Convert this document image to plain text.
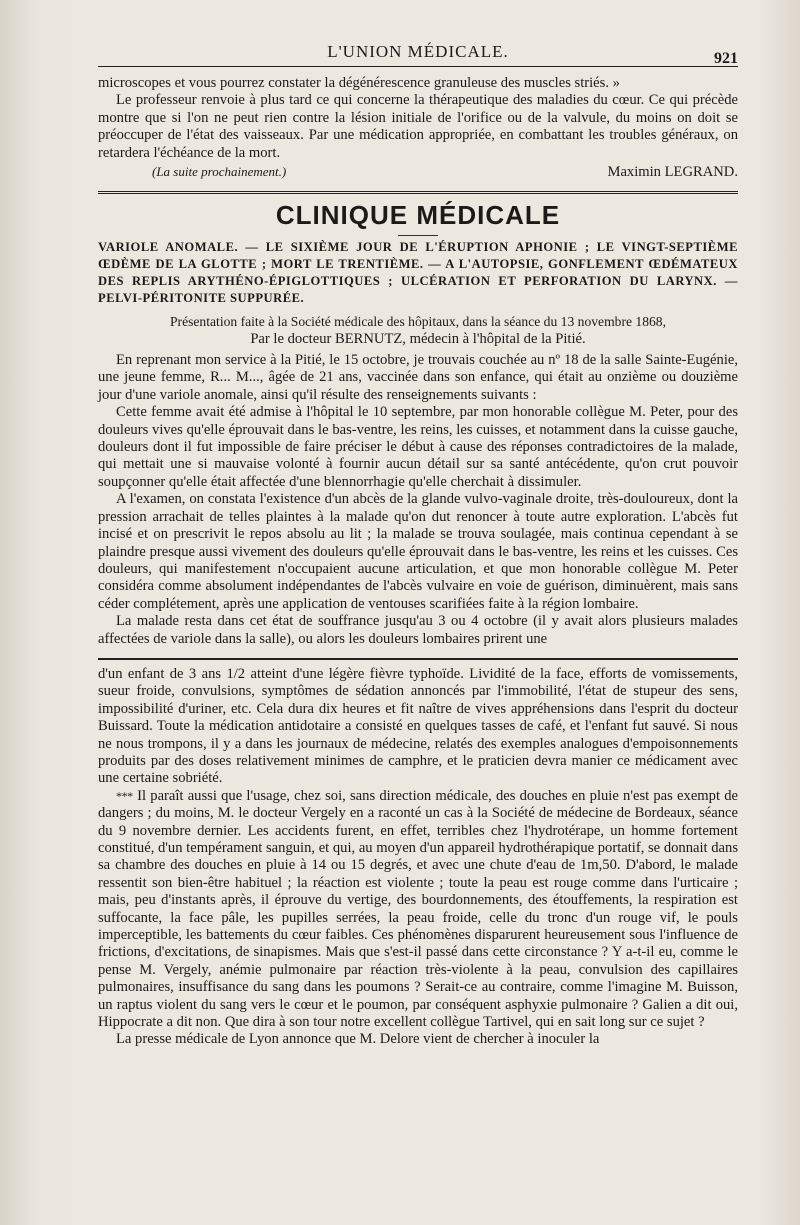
L'UNION MÉDICALE.	921

microscopes et vous pourrez constater la dégénérescence granuleuse des muscles striés. »

Le professeur renvoie à plus tard ce qui concerne la thérapeutique des maladies du cœur. Ce qui précède montre que si l'on ne peut rien contre la lésion initiale de l'orifice ou de la valvule, du moins on doit se préoccuper de l'état des vaisseaux. Par une médication appropriée, en combattant les troubles généraux, on retardera l'échéance de la mort.

(La suite prochainement.)	Maximin LEGRAND.
CLINIQUE MÉDICALE
VARIOLE ANOMALE. — LE SIXIÈME JOUR DE L'ÉRUPTION APHONIE ; LE VINGT-SEPTIÈME ŒDÈME DE LA GLOTTE ; MORT LE TRENTIÈME. — A L'AUTOPSIE, GONFLEMENT ŒDÉMATEUX DES REPLIS ARYTHÉNO-ÉPIGLOTTIQUES ; ULCÉRATION ET PERFORATION DU LARYNX. — PELVI-PÉRITONITE SUPPURÉE.
Présentation faite à la Société médicale des hôpitaux, dans la séance du 13 novembre 1868,
Par le docteur BERNUTZ, médecin à l'hôpital de la Pitié.

En reprenant mon service à la Pitié, le 15 octobre, je trouvais couchée au nº 18 de la salle Sainte-Eugénie, une jeune femme, R... M..., âgée de 21 ans, vaccinée dans son enfance, qui était au onzième ou douzième jour d'une variole anomale, ainsi qu'il résulte des renseignements suivants :

Cette femme avait été admise à l'hôpital le 10 septembre, par mon honorable collègue M. Peter, pour des douleurs vives qu'elle éprouvait dans le bas-ventre, les reins, les cuisses, et notamment dans la cuisse gauche, douleurs dont il fut impossible de faire préciser le début à cause des réponses contradictoires de la malade, qui mettait une si mauvaise volonté à fournir aucun détail sur sa santé antécédente, qu'on crut pouvoir soupçonner qu'elle était affectée d'une blennorrhagie qu'elle cherchait à dissimuler.

A l'examen, on constata l'existence d'un abcès de la glande vulvo-vaginale droite, très-douloureux, dont la pression arrachait de telles plaintes à la malade qu'on dut renoncer à toute autre exploration. L'abcès fut incisé et on prescrivit le repos absolu au lit ; la malade se trouva soulagée, mais continua cependant à se plaindre presque aussi vivement des douleurs qu'elle éprouvait dans le bas-ventre, les reins et les cuisses. Ces douleurs, qui manifestement n'occupaient aucune articulation, et que mon honorable collègue M. Peter considéra comme absolument indépendantes de l'abcès vulvaire en voie de guérison, diminuèrent, mais sans céder complétement, après une application de ventouses scarifiées faite à la région lombaire.

La malade resta dans cet état de souffrance jusqu'au 3 ou 4 octobre (il y avait alors plusieurs malades affectées de variole dans la salle), ou alors les douleurs lombaires prirent une

d'un enfant de 3 ans 1/2 atteint d'une légère fièvre typhoïde. Lividité de la face, efforts de vomissements, sueur froide, convulsions, symptômes de sédation annoncés par l'immobilité, l'état de stupeur des sens, impossibilité d'uriner, etc. Cela dura dix heures et fit naître de vives appréhensions dans l'esprit du docteur Buissard. Toute la médication antidotaire a consisté en quelques tasses de café, et l'enfant fut sauvé. Si nous ne nous trompons, il y a dans les journaux de médecine, relatés des exemples analogues d'empoisonnements produits par des doses relativement minimes de camphre, et le praticien devra manier ce médicament avec une certaine sobriété.

* * * Il paraît aussi que l'usage, chez soi, sans direction médicale, des douches en pluie n'est pas exempt de dangers ; du moins, M. le docteur Vergely en a raconté un cas à la Société de médecine de Bordeaux, séance du 9 novembre dernier. Les accidents furent, en effet, terribles chez l'hydrotérape, un homme fortement constitué, d'un tempérament sanguin, et qui, au moyen d'un appareil hydrothérapique portatif, se donnait dans sa chambre des douches en pluie à 14 ou 15 degrés, et avec une chute d'eau de 1m,50. D'abord, le malade ressentit son bien-être habituel ; la réaction est violente ; toute la peau est rouge comme dans l'urticaire ; mais, peu d'instants après, il éprouve du vertige, des bourdonnements, des étouffements, la respiration est suffocante, la face pâle, les pupilles serrées, la peau froide, celle du tronc d'un rouge vif, le pouls imperceptible, les battements du cœur faibles. Ces phénomènes disparurent heureusement sous l'influence de frictions, d'excitations, de sinapismes. Mais que s'est-il passé dans cette circonstance ? Y a-t-il eu, comme le pense M. Vergely, anémie pulmonaire par réaction très-violente à la peau, convulsion des capillaires pulmonaires, insuffisance du sang dans les poumons ? Serait-ce au contraire, comme l'imagine M. Buisson, un raptus violent du sang vers le cœur et le poumon, par conséquent asphyxie pulmonaire ? Galien a dit oui, Hippocrate a dit non. Que dira à son tour notre excellent collègue Tartivel, qui en sait long sur ce sujet ?

La presse médicale de Lyon annonce que M. Delore vient de chercher à inoculer la
